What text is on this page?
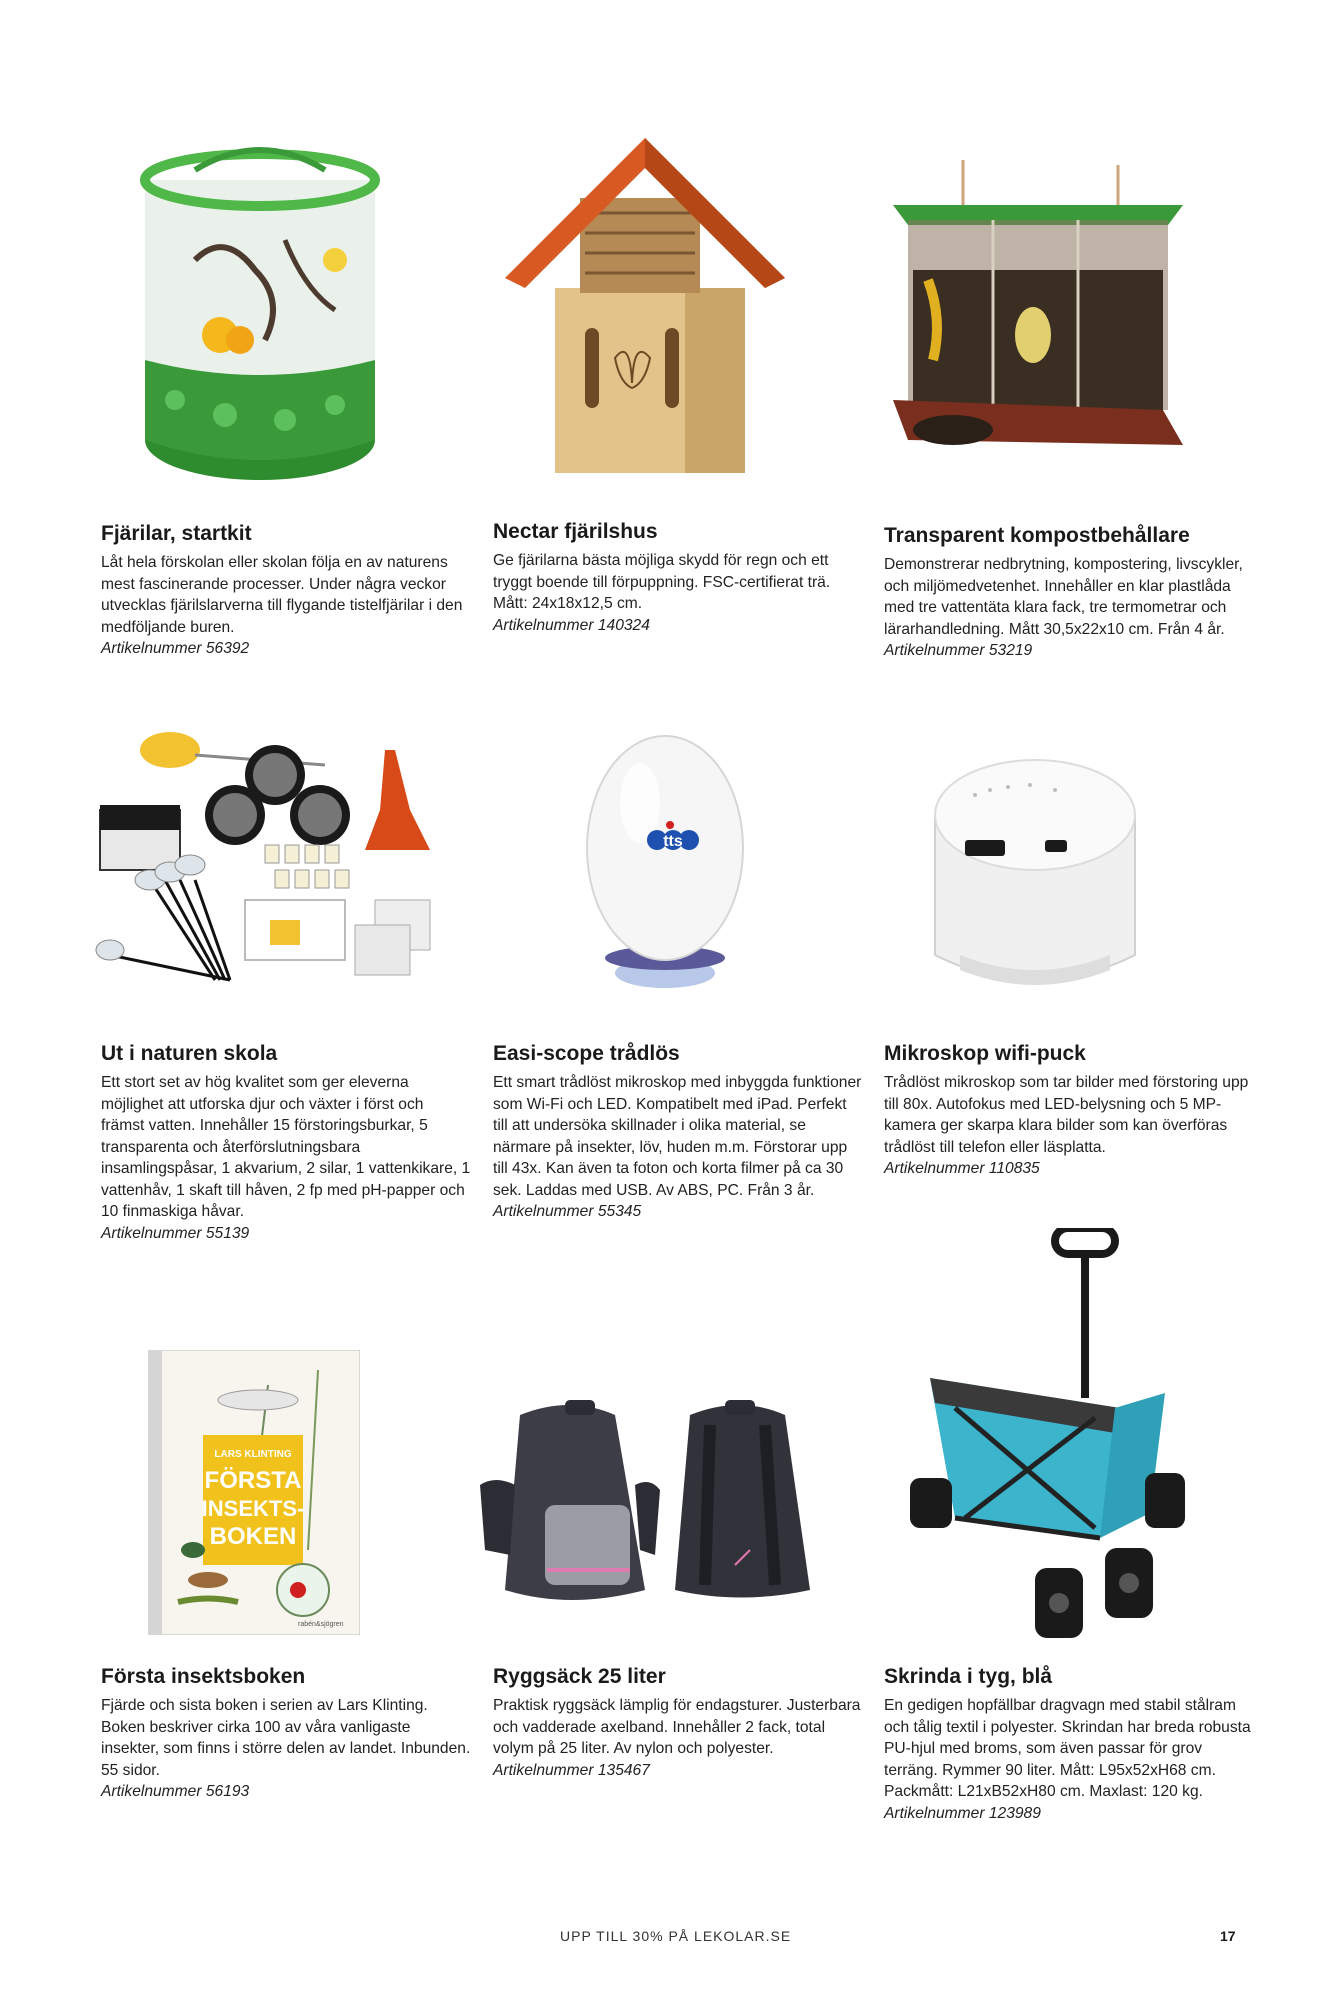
Fjärilar, startkit

Låt hela förskolan eller skolan följa en av naturens mest fascinerande processer. Under några veckor utvecklas fjärilslarverna till flygande tistelfjärilar i den medföljande buren.

Artikelnummer 56392
Nectar fjärilshus

Ge fjärilarna bästa möjliga skydd för regn och ett tryggt boende till förpuppning. FSC-certifierat trä. Mått: 24x18x12,5 cm.

Artikelnummer 140324
Transparent kompostbehållare

Demonstrerar nedbrytning, kompostering, livscykler, och miljömedvetenhet. Innehåller en klar plastlåda med tre vattentäta klara fack, tre termometrar och lärarhandledning. Mått 30,5x22x10 cm. Från 4 år.

Artikelnummer 53219
Ut i naturen skola

Ett stort set av hög kvalitet som ger eleverna möjlighet att utforska djur och växter i först och främst vatten. Innehåller 15 förstoringsburkar, 5 transparenta och återförslutningsbara insamlingspåsar, 1 akvarium, 2 silar, 1 vattenkikare, 1 vattenhåv, 1 skaft till håven, 2 fp med pH-papper och 10 finmaskiga håvar.

Artikelnummer 55139
tts
Easi-scope trådlös

Ett smart trådlöst mikroskop med inbyggda funktioner som Wi-Fi och LED. Kompatibelt med iPad. Perfekt till att undersöka skillnader i olika material, se närmare på insekter, löv, huden m.m. Förstorar upp till 43x. Kan även ta foton och korta filmer på ca 30 sek. Laddas med USB. Av ABS, PC. Från 3 år.

Artikelnummer 55345
Mikroskop wifi-puck

Trådlöst mikroskop som tar bilder med förstoring upp till 80x. Autofokus med LED-belysning och 5 MP-kamera ger skarpa klara bilder som kan överföras trådlöst till telefon eller läsplatta.

Artikelnummer 110835
LARS KLINTING
FÖRSTA
INSEKTS-
BOKEN
rabén&sjögren
Första insektsboken

Fjärde och sista boken i serien av Lars Klinting. Boken beskriver cirka 100 av våra vanligaste insekter, som finns i större delen av landet. Inbunden. 55 sidor.

Artikelnummer 56193
Ryggsäck 25 liter

Praktisk ryggsäck lämplig för endagsturer. Justerbara och vadderade axelband. Innehåller 2 fack, total volym på 25 liter. Av nylon och polyester.

Artikelnummer 135467
Skrinda i tyg, blå

En gedigen hopfällbar dragvagn med stabil stålram och tålig textil i polyester. Skrindan har breda robusta PU-hjul med broms, som även passar för grov terräng. Rymmer 90 liter. Mått: L95x52xH68 cm. Packmått: L21xB52xH80 cm. Maxlast: 120 kg.

Artikelnummer 123989
UPP TILL 30% PÅ LEKOLAR.SE	17
